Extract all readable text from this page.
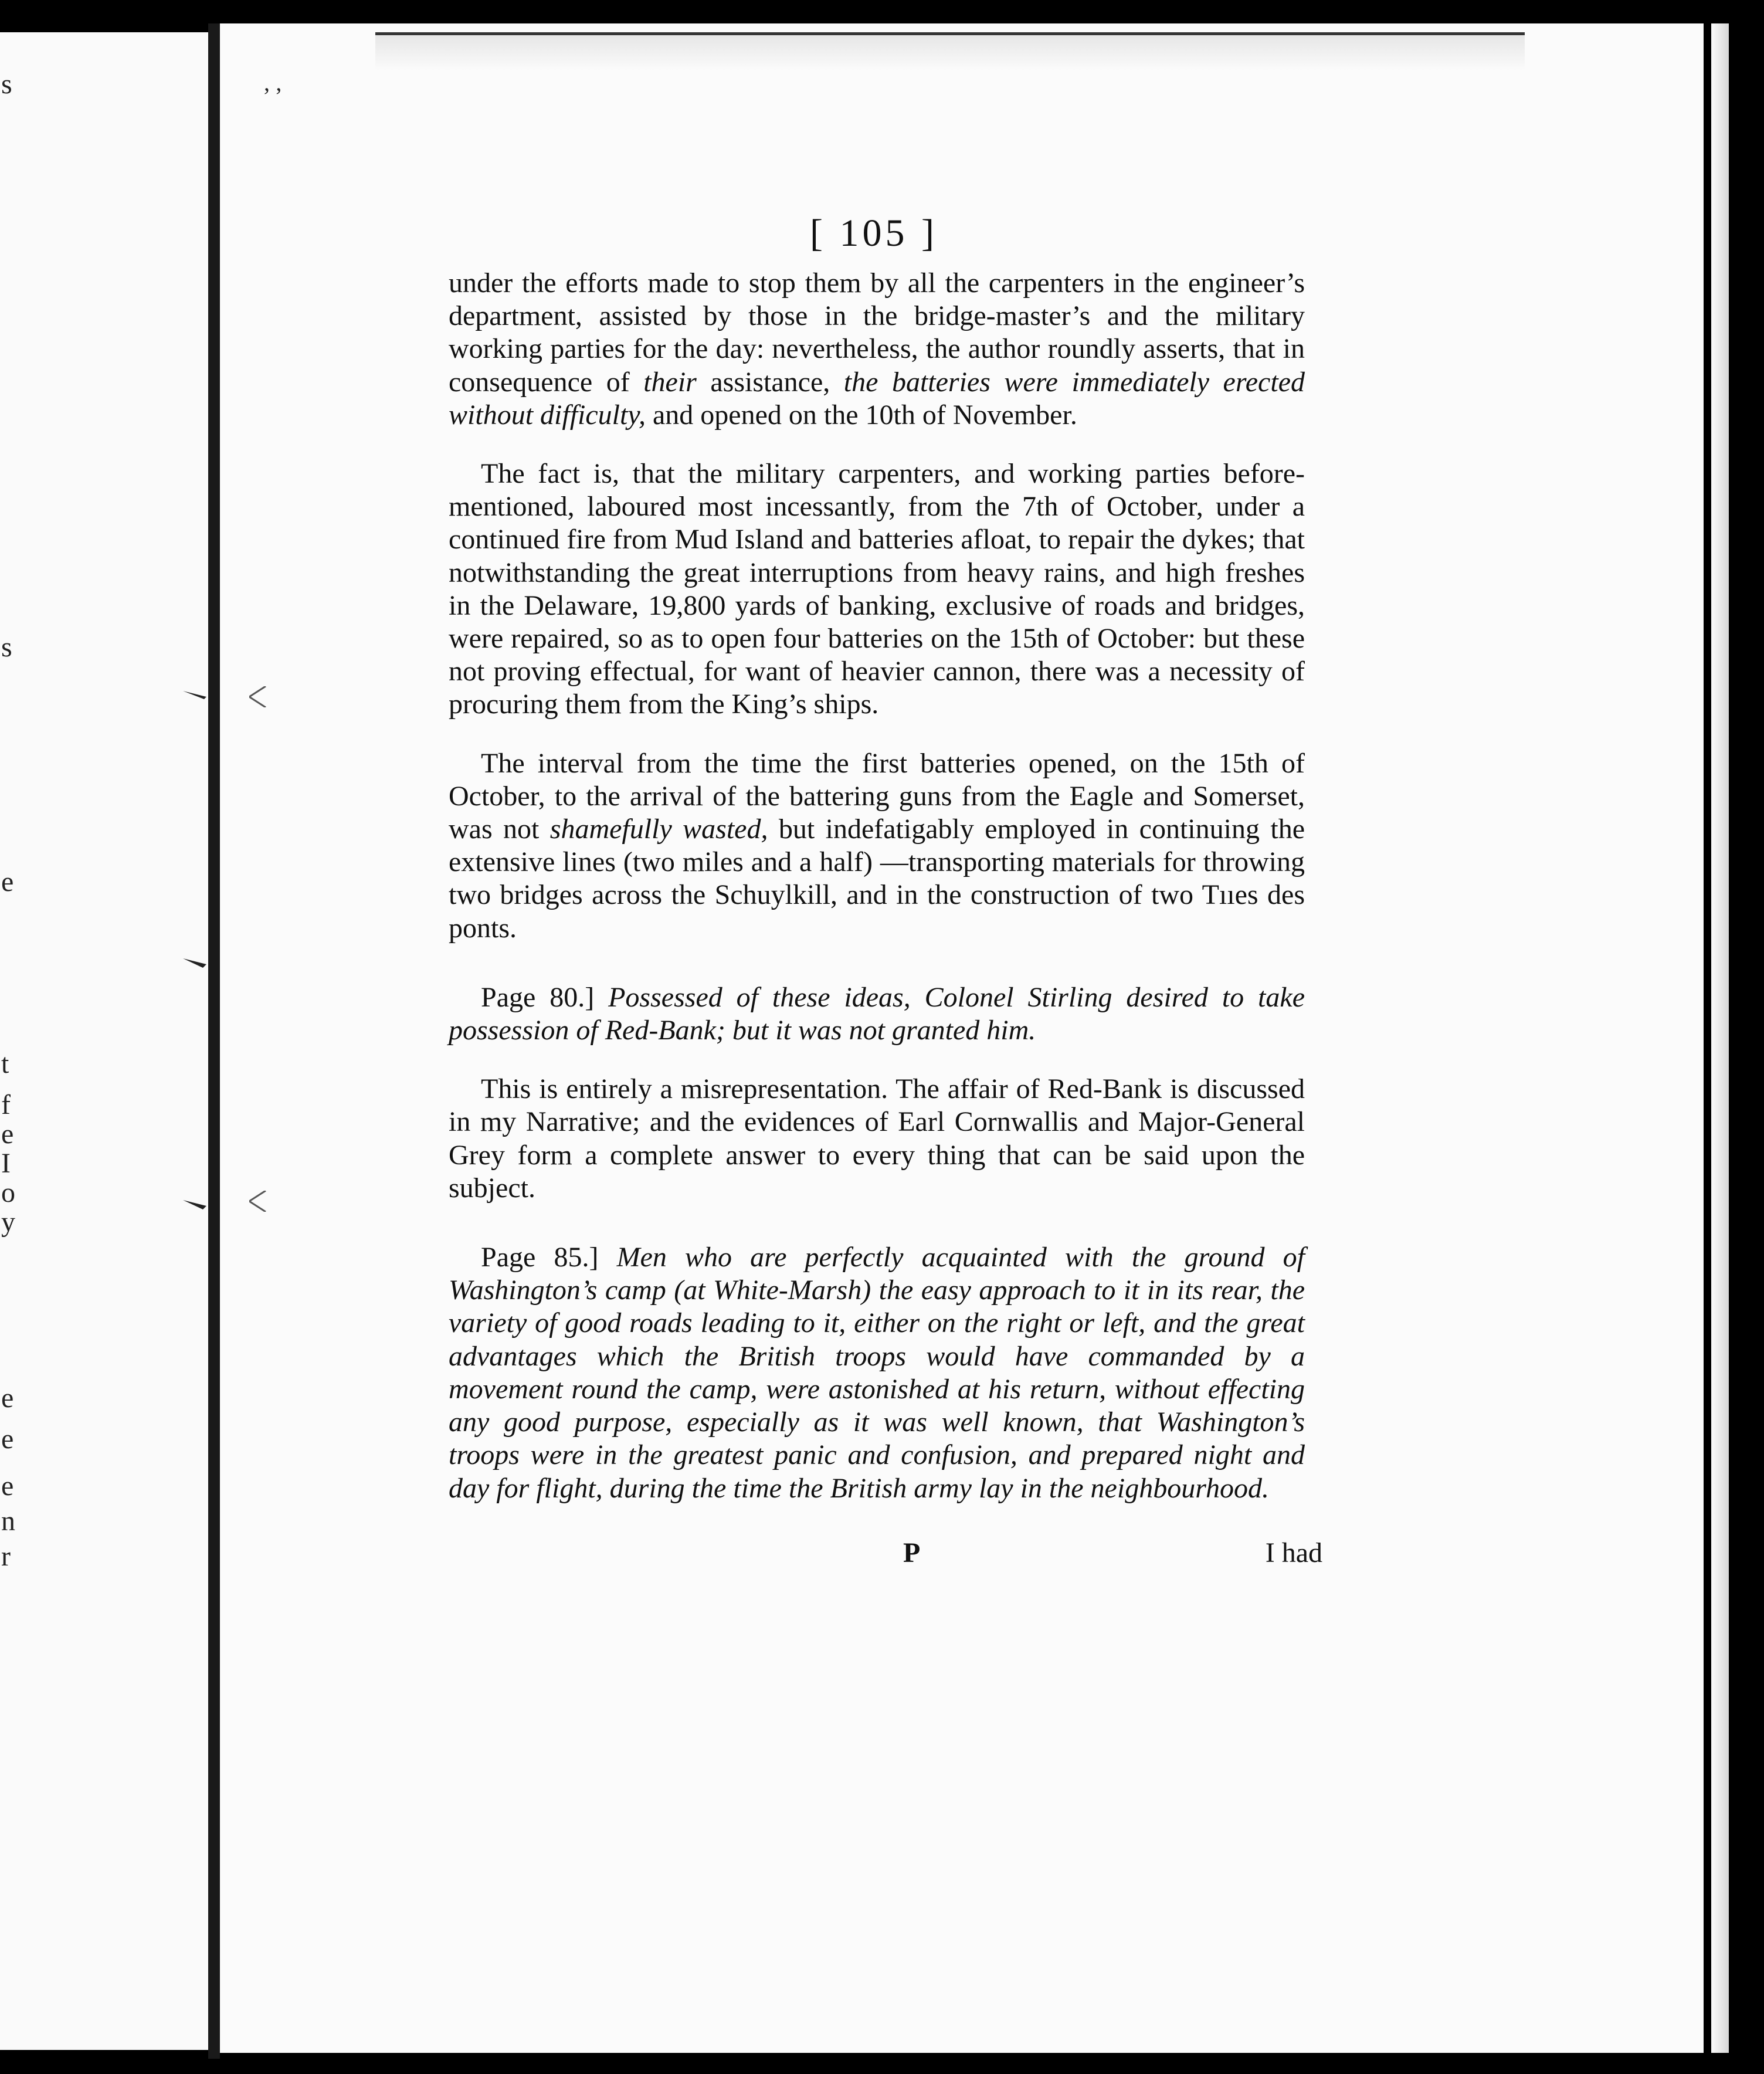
’ ’
s
s
e
t
f
e
I
o
y
e
e
e
n
r
[ 105 ]

under the efforts made to stop them by all the carpenters in the engineer’s department, assisted by those in the bridge-master’s and the military working parties for the day: nevertheless, the author roundly asserts, that in consequence of their assistance, the batteries were immediately erected without difficulty, and opened on the 10th of November.

The fact is, that the military carpenters, and working parties before-mentioned, laboured most incessantly, from the 7th of October, under a continued fire from Mud Island and batteries afloat, to repair the dykes; that notwithstanding the great interruptions from heavy rains, and high freshes in the Delaware, 19,800 yards of banking, exclusive of roads and bridges, were repaired, so as to open four batteries on the 15th of October: but these not proving effectual, for want of heavier cannon, there was a necessity of procuring them from the King’s ships.

The interval from the time the first batteries opened, on the 15th of October, to the arrival of the battering guns from the Eagle and Somerset, was not shamefully wasted, but indefatigably employed in continuing the extensive lines (two miles and a half) —transporting materials for throwing two bridges across the Schuylkill, and in the construction of two Tııes des ponts.

Page 80.] Possessed of these ideas, Colonel Stirling desired to take possession of Red-Bank; but it was not granted him.

This is entirely a misrepresentation. The affair of Red-Bank is discussed in my Narrative; and the evidences of Earl Cornwallis and Major-General Grey form a complete answer to every thing that can be said upon the subject.

Page 85.] Men who are perfectly acquainted with the ground of Washington’s camp (at White-Marsh) the easy approach to it in its rear, the variety of good roads leading to it, either on the right or left, and the great advantages which the British troops would have commanded by a movement round the camp, were astonished at his return, without effecting any good purpose, especially as it was well known, that Washington’s troops were in the greatest panic and confusion, and prepared night and day for flight, during the time the British army lay in the neighbourhood.

P	I had
